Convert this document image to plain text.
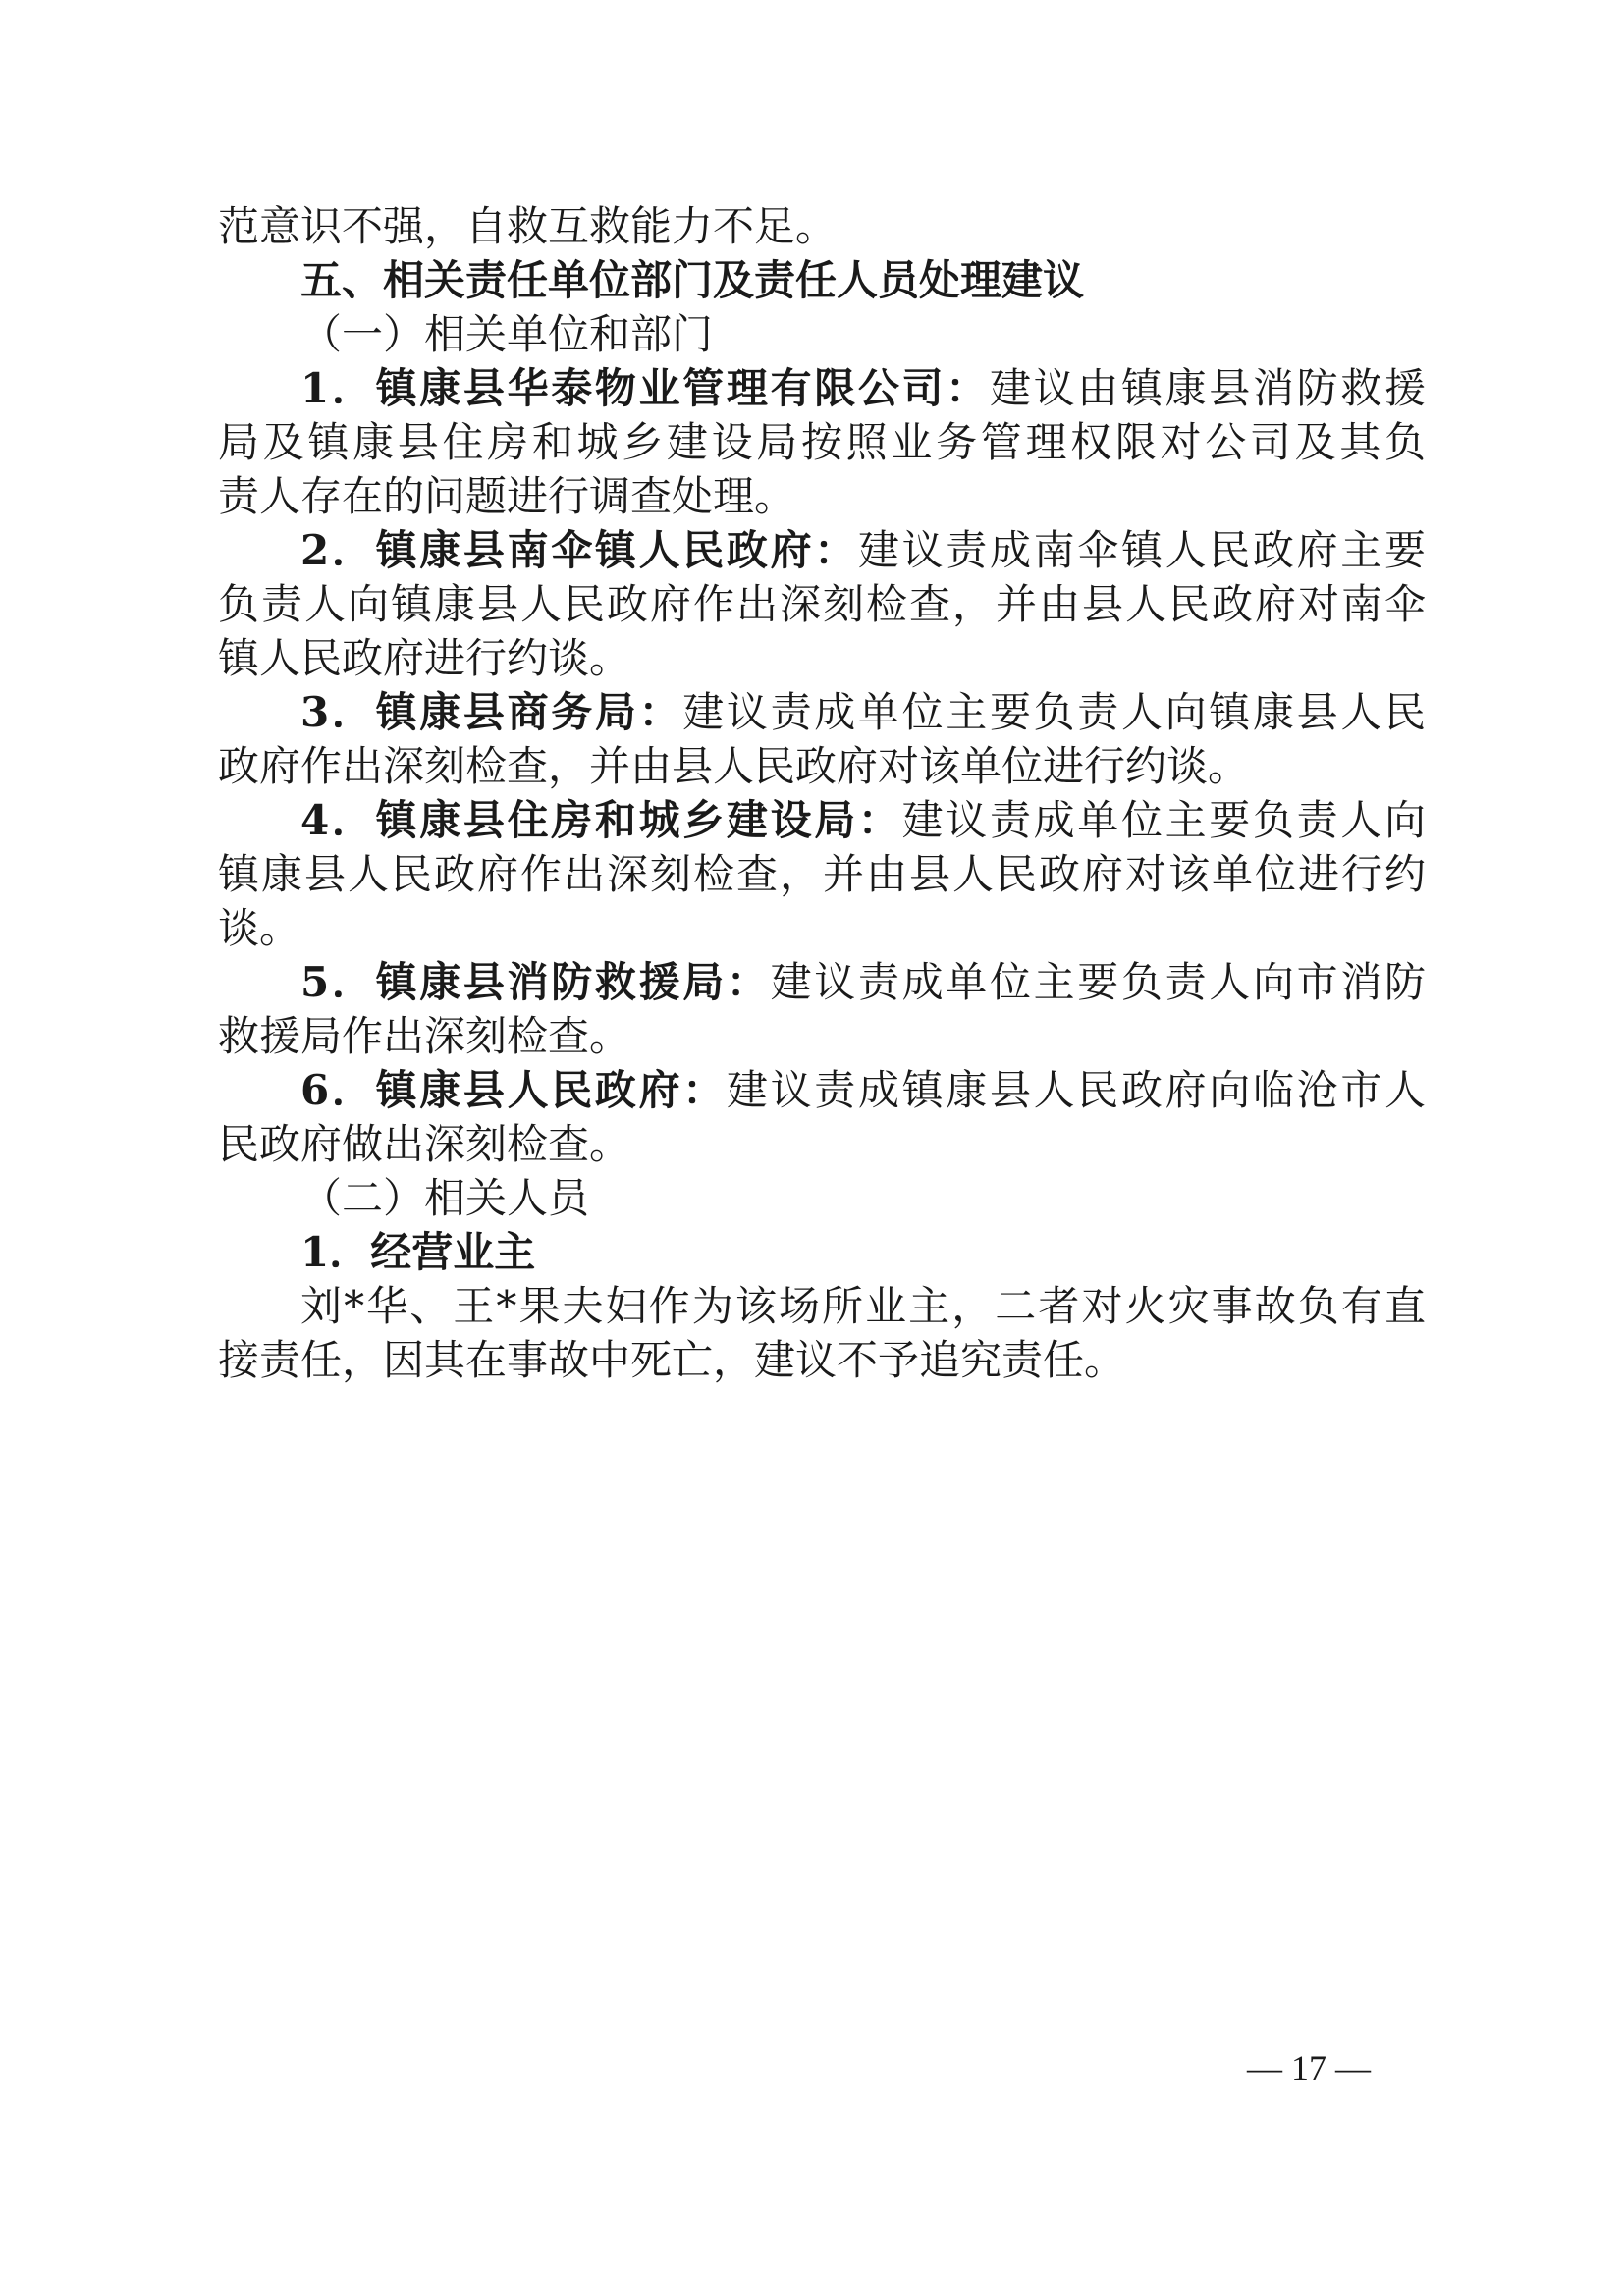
范意识不强，自救互救能力不足。
五、相关责任单位部门及责任人员处理建议
（一）相关单位和部门
1．镇康县华泰物业管理有限公司：建议由镇康县消防救援
局及镇康县住房和城乡建设局按照业务管理权限对公司及其负
责人存在的问题进行调查处理。
2．镇康县南伞镇人民政府：建议责成南伞镇人民政府主要
负责人向镇康县人民政府作出深刻检查，并由县人民政府对南伞
镇人民政府进行约谈。
3．镇康县商务局：建议责成单位主要负责人向镇康县人民
政府作出深刻检查，并由县人民政府对该单位进行约谈。
4．镇康县住房和城乡建设局：建议责成单位主要负责人向
镇康县人民政府作出深刻检查，并由县人民政府对该单位进行约
谈。
5．镇康县消防救援局：建议责成单位主要负责人向市消防
救援局作出深刻检查。
6．镇康县人民政府：建议责成镇康县人民政府向临沧市人
民政府做出深刻检查。
（二）相关人员
1．经营业主
刘*华、王*果夫妇作为该场所业主，二者对火灾事故负有直
接责任，因其在事故中死亡，建议不予追究责任。
— 17 —
